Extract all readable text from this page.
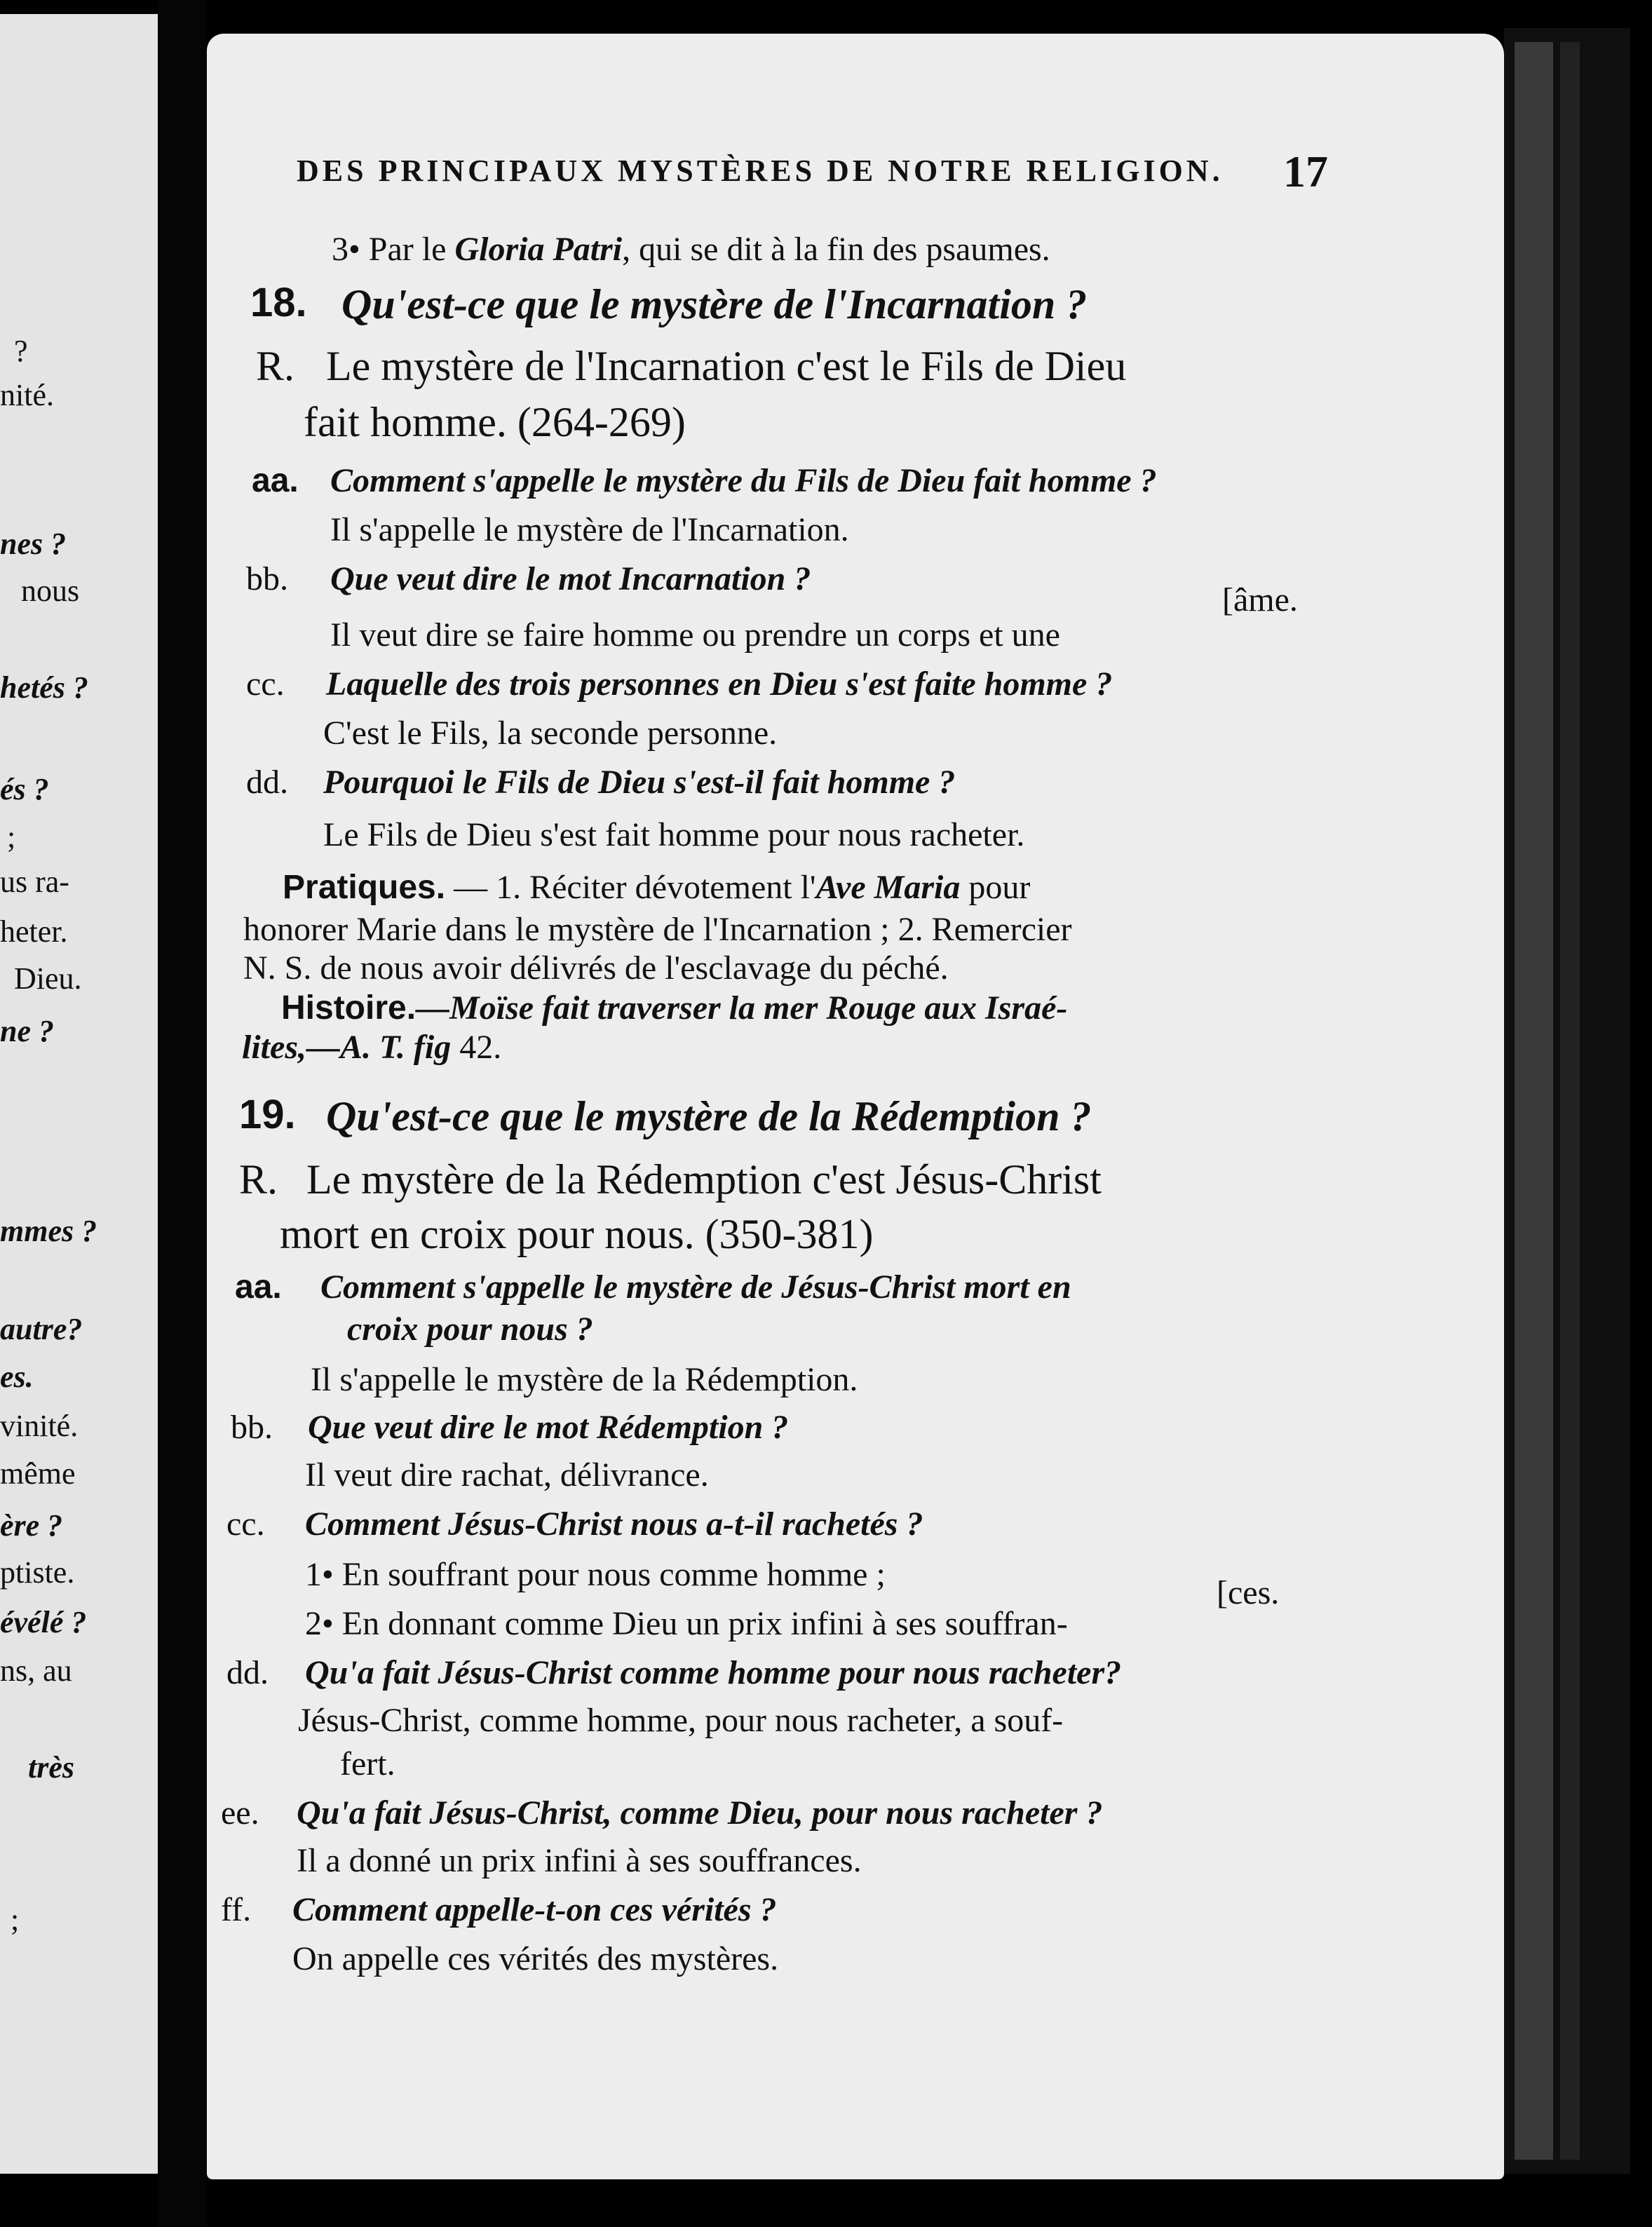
?
nité.
nes ?
nous
hetés ?
és ?
;
us ra-
heter.
Dieu.
ne ?
mmes ?
autre?
es.
vinité.
même
ère ?
ptiste.
évélé ?
ns, au
très
;
DES PRINCIPAUX MYSTÈRES DE NOTRE RELIGION. 17
3• Par le Gloria Patri, qui se dit à la fin des psaumes.
18. Qu'est-ce que le mystère de l'Incarnation ?
R. Le mystère de l'Incarnation c'est le Fils de Dieu
fait homme. (264-269)
aa. Comment s'appelle le mystère du Fils de Dieu fait homme ?
Il s'appelle le mystère de l'Incarnation.
bb. Que veut dire le mot Incarnation ?
[âme.
Il veut dire se faire homme ou prendre un corps et une
cc. Laquelle des trois personnes en Dieu s'est faite homme ?
C'est le Fils, la seconde personne.
dd. Pourquoi le Fils de Dieu s'est-il fait homme ?
Le Fils de Dieu s'est fait homme pour nous racheter.
Pratiques. — 1. Réciter dévotement l'Ave Maria pour
honorer Marie dans le mystère de l'Incarnation ; 2. Remercier
N. S. de nous avoir délivrés de l'esclavage du péché.
Histoire.—Moïse fait traverser la mer Rouge aux Israé-
lites,—A. T. fig 42.
19. Qu'est-ce que le mystère de la Rédemption ?
R. Le mystère de la Rédemption c'est Jésus-Christ
mort en croix pour nous. (350-381)
aa. Comment s'appelle le mystère de Jésus-Christ mort en
croix pour nous ?
Il s'appelle le mystère de la Rédemption.
bb. Que veut dire le mot Rédemption ?
Il veut dire rachat, délivrance.
cc. Comment Jésus-Christ nous a-t-il rachetés ?
1• En souffrant pour nous comme homme ;	[ces.
2• En donnant comme Dieu un prix infini à ses souffran-
dd. Qu'a fait Jésus-Christ comme homme pour nous racheter?
Jésus-Christ, comme homme, pour nous racheter, a souf-
fert.
ee. Qu'a fait Jésus-Christ, comme Dieu, pour nous racheter ?
Il a donné un prix infini à ses souffrances.
ff. Comment appelle-t-on ces vérités ?
On appelle ces vérités des mystères.
